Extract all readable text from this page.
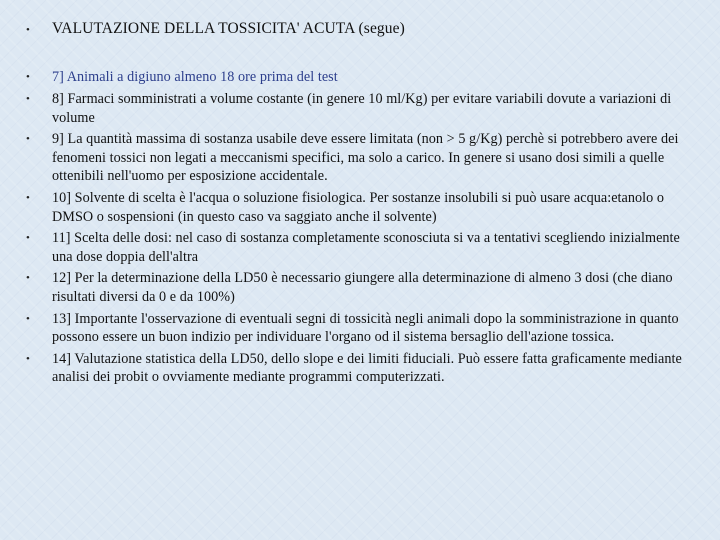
•	VALUTAZIONE DELLA TOSSICITA' ACUTA (segue)
•	7] Animali a digiuno almeno 18 ore prima del test
•	8] Farmaci somministrati a volume costante (in genere 10 ml/Kg) per evitare variabili dovute a variazioni di volume
•	9] La quantità massima di sostanza usabile deve essere limitata (non > 5 g/Kg) perchè si potrebbero avere dei fenomeni tossici non legati a meccanismi specifici, ma solo a carico. In genere si usano dosi simili a quelle ottenibili nell'uomo per esposizione accidentale.
•	10] Solvente di scelta è l'acqua o soluzione fisiologica. Per sostanze insolubili si può usare acqua:etanolo o DMSO o sospensioni (in questo caso va saggiato anche il solvente)
•	11] Scelta delle dosi: nel caso di sostanza completamente sconosciuta si va a tentativi scegliendo inizialmente una dose doppia dell'altra
•	12] Per la determinazione della LD50 è necessario giungere alla determinazione di almeno 3 dosi (che diano risultati diversi da 0 e da 100%)
•	13] Importante l'osservazione di eventuali segni di tossicità negli animali dopo la somministrazione in quanto possono essere un buon indizio per individuare l'organo od il sistema bersaglio dell'azione tossica.
•	14] Valutazione statistica della LD50, dello slope e dei limiti fiduciali. Può essere fatta graficamente mediante analisi dei probit o ovviamente mediante programmi computerizzati.
